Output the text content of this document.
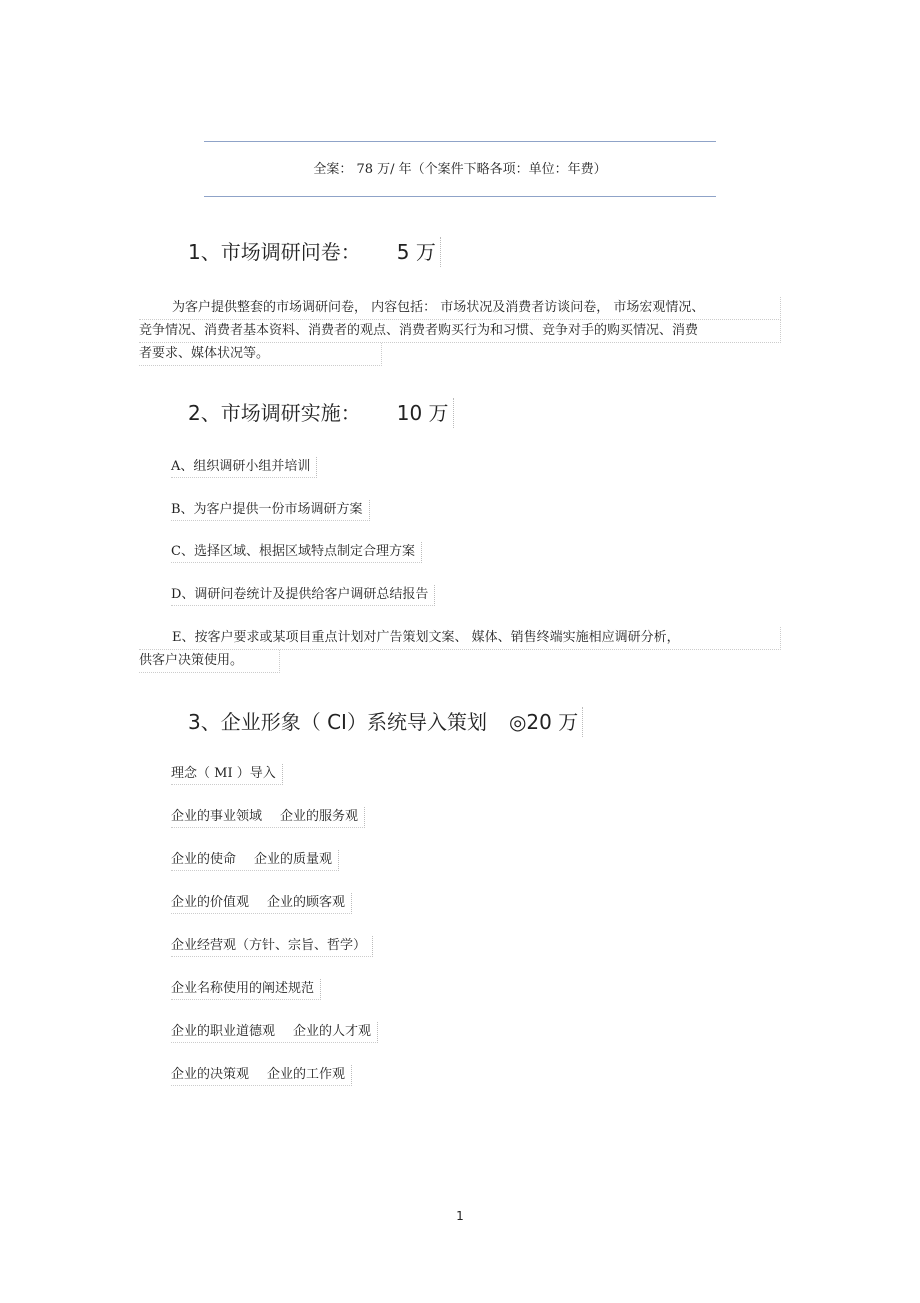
全案： 78 万/ 年（个案件下略各项：单位：年费）
1、市场调研问卷： 5 万
为客户提供整套的市场调研问卷， 内容包括： 市场状况及消费者访谈问卷， 市场宏观情况、
竞争情况、消费者基本资料、消费者的观点、消费者购买行为和习惯、竞争对手的购买情况、消费
者要求、媒体状况等。
2、市场调研实施： 10 万
A、组织调研小组并培训
B、为客户提供一份市场调研方案
C、选择区域、根据区域特点制定合理方案
D、调研问卷统计及提供给客户调研总结报告
E、按客户要求或某项目重点计划对广告策划文案、 媒体、销售终端实施相应调研分析，
供客户决策使用。
3、企业形象（ CI）系统导入策划 ◎20 万
理念（ MI ）导入
企业的事业领域 企业的服务观
企业的使命 企业的质量观
企业的价值观 企业的顾客观
企业经营观（方针、宗旨、哲学）
企业名称使用的阐述规范
企业的职业道德观 企业的人才观
企业的决策观 企业的工作观
1
